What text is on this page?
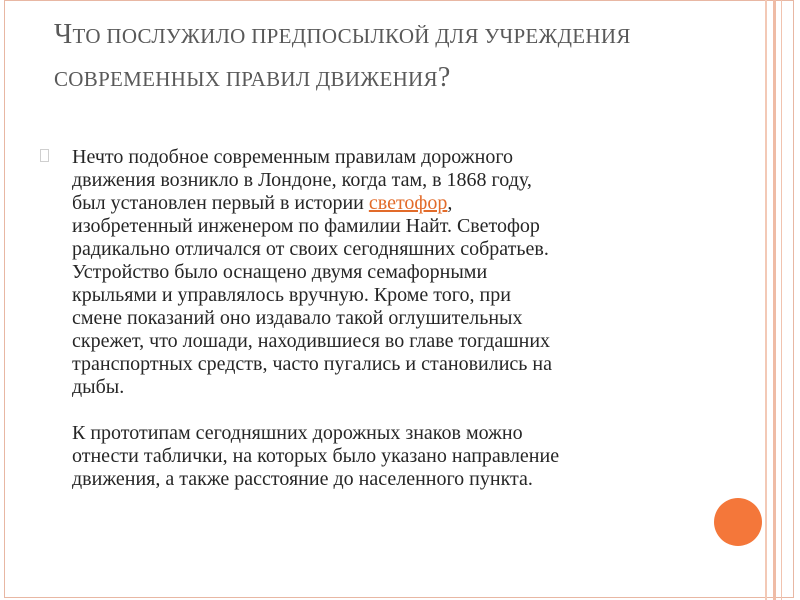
ЧТО ПОСЛУЖИЛО ПРЕДПОСЫЛКОЙ ДЛЯ УЧРЕЖДЕНИЯ
СОВРЕМЕННЫХ ПРАВИЛ ДВИЖЕНИЯ?

Нечто подобное современным правилам дорожного
движения возникло в Лондоне, когда там, в 1868 году,
был установлен первый в истории светофор,
изобретенный инженером по фамилии Найт. Светофор
радикально отличался от своих сегодняшних собратьев.
Устройство было оснащено двумя семафорными
крыльями и управлялось вручную. Кроме того, при
смене показаний оно издавало такой оглушительных
скрежет, что лошади, находившиеся во главе тогдашних
транспортных средств, часто пугались и становились на
дыбы.

К прототипам сегодняшних дорожных знаков можно
отнести таблички, на которых было указано направление
движения, а также расстояние до населенного пункта.
